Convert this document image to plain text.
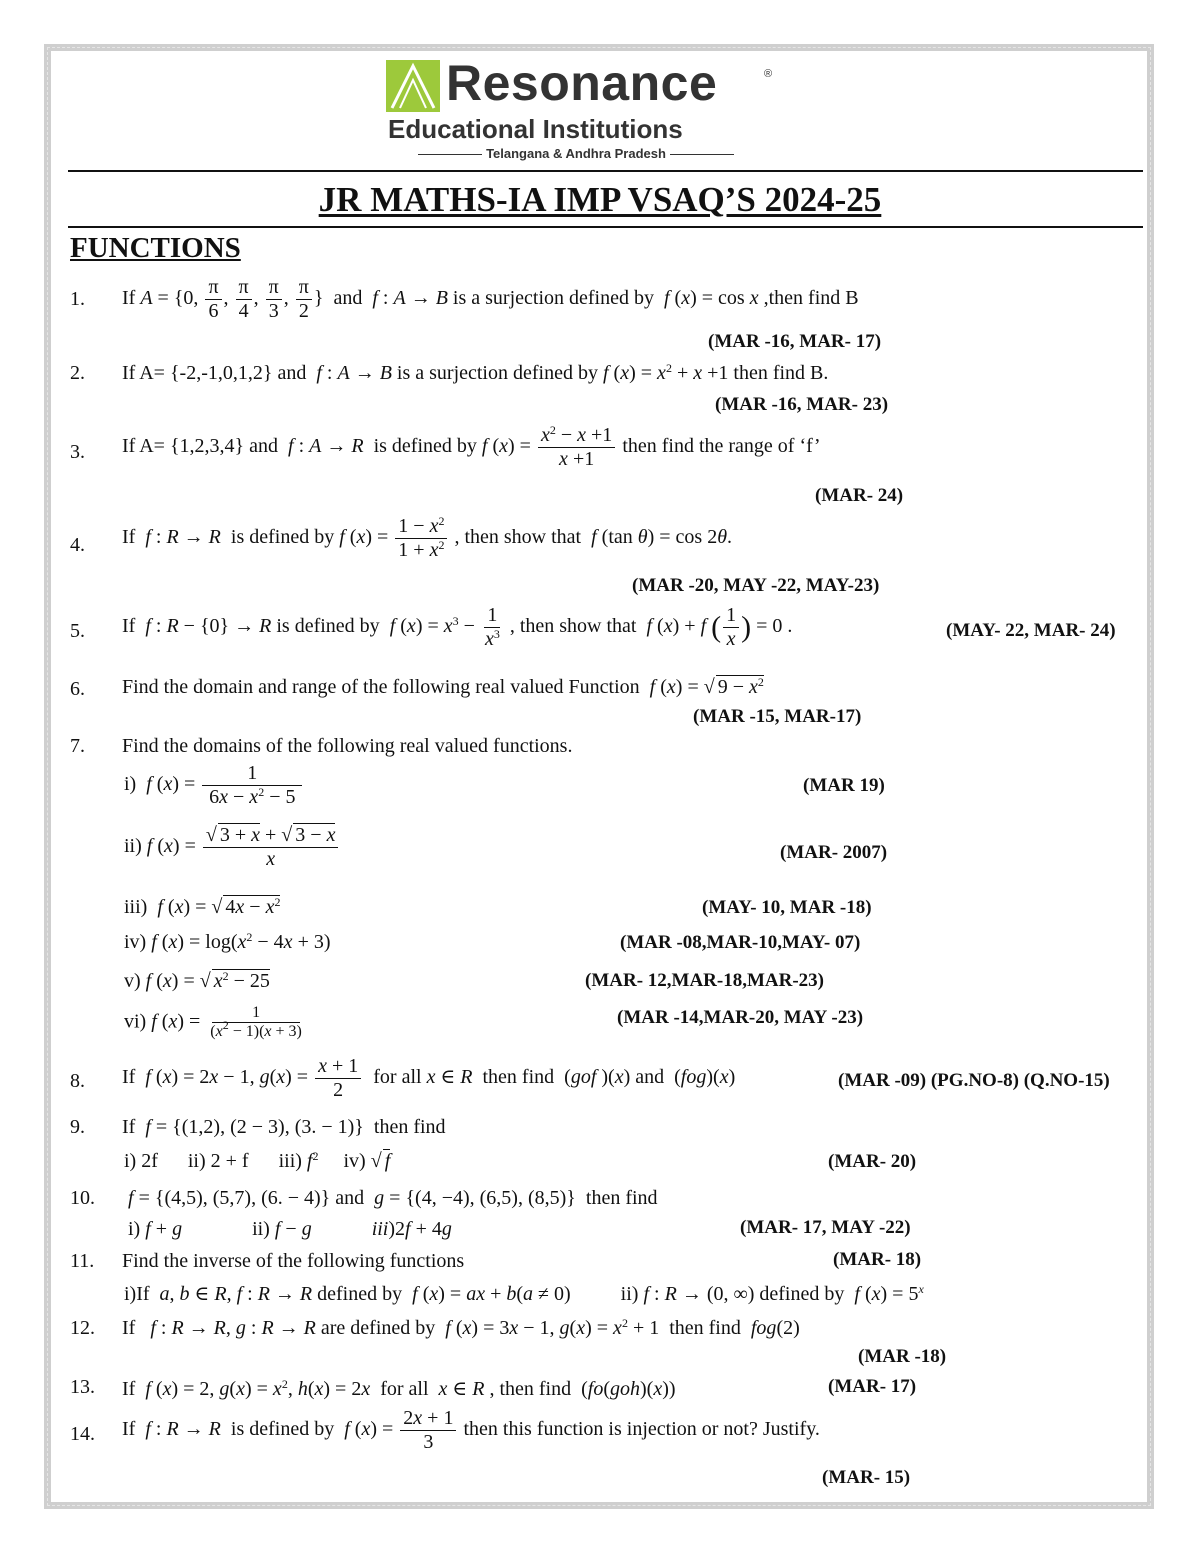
Resonance	®
Educational Institutions
Telangana & Andhra Pradesh
JR MATHS-IA IMP VSAQ’S 2024-25
FUNCTIONS
1. If A = {0, $\frac{\pi}{6}$ , $\frac{\pi}{4}$ , $\frac{\pi}{3}$ , $\frac{\pi}{2}$ }  and  f : A → B is a surjection defined by  f (x) = cos x ,then find B
(MAR -16, MAR- 17)
2. If A= {-2,-1,0,1,2} and  f : A → B is a surjection defined by f $(x) = x^2 + x +1$ then find B.
(MAR -16, MAR- 23)
3. If A= {1,2,3,4} and  f : A → R  is defined by f $(x) = \frac{x^2 - x +1}{x +1}$ then find the range of ‘f’
(MAR- 24)
4. If  f : R → R  is defined by f $(x) = \frac{1 - x^2}{1 + x^2}$ , then show that  f (tan θ) = cos 2θ.
(MAR -20, MAY -22, MAY-23)
5. If  f : R − {0} → R is defined by  f $(x) = x^3 - \frac{1}{x^3}$ , then show that  f (x) + f ( $\frac{1}{x}$ ) = 0 .	(MAY- 22, MAR- 24)
6. Find the domain and range of the following real valued Function  f (x) = √ $9 - x^2$
(MAR -15, MAR-17)
7. Find the domains of the following real valued functions.
i)  f $(x) = \frac{1}{6x - x^2 - 5}$	(MAR 19)
ii) f $(x) = \frac{√ 3 + x + √ 3 - x}{x}$	(MAR- 2007)
iii)  f (x) = √ $4x - x^2$	(MAY- 10, MAR -18)
iv) f $(x) = \log(x^2 - 4x + 3)$	(MAR -08,MAR-10,MAY- 07)
v) f (x) = √ $x^2 - 25$	(MAR- 12,MAR-18,MAR-23)
vi) f $(x) = \frac{1}{(x^2 - 1)(x + 3)}$	(MAR -14,MAR-20, MAY -23)
8. If  f (x) = 2x − 1, $g(x) = \frac{x + 1}{2}$ for all x ∈ R  then find  (gof )(x) and  (fog)(x)	(MAR -09) (PG.NO-8) (Q.NO-15)
9. If  f = {(1,2), (2 − 3), (3. − 1)}  then find
i) 2f      ii) 2 + f      iii) $f^2$     iv) √ f	(MAR- 20)
10. f = {(4,5), (5,7), (6. − 4)} and  g = {(4, −4), (6,5), (8,5)}  then find
i) f + g              ii) f − g	iii)2f + 4g	(MAR- 17, MAY -22)
11. Find the inverse of the following functions	(MAR- 18)
i)If  a, b ∈ R, f : R → R defined by  f (x) = ax + b(a ≠ 0)          ii) f : R → (0, ∞) defined by  f $(x) = 5^x$
12. If   f : R → R, g : R → R are defined by  f (x) = 3x − 1, $g(x) = x^2 + 1$  then find  fog(2)
(MAR -18)
13. If  f (x) = 2, $g(x) = x^2$, h(x) = 2x  for all  x ∈ R , then find  (fo(goh)(x))	(MAR- 17)
14. If  f : R → R  is defined by  f $(x) = \frac{2x + 1}{3}$ then this function is injection or not? Justify.
(MAR- 15)
